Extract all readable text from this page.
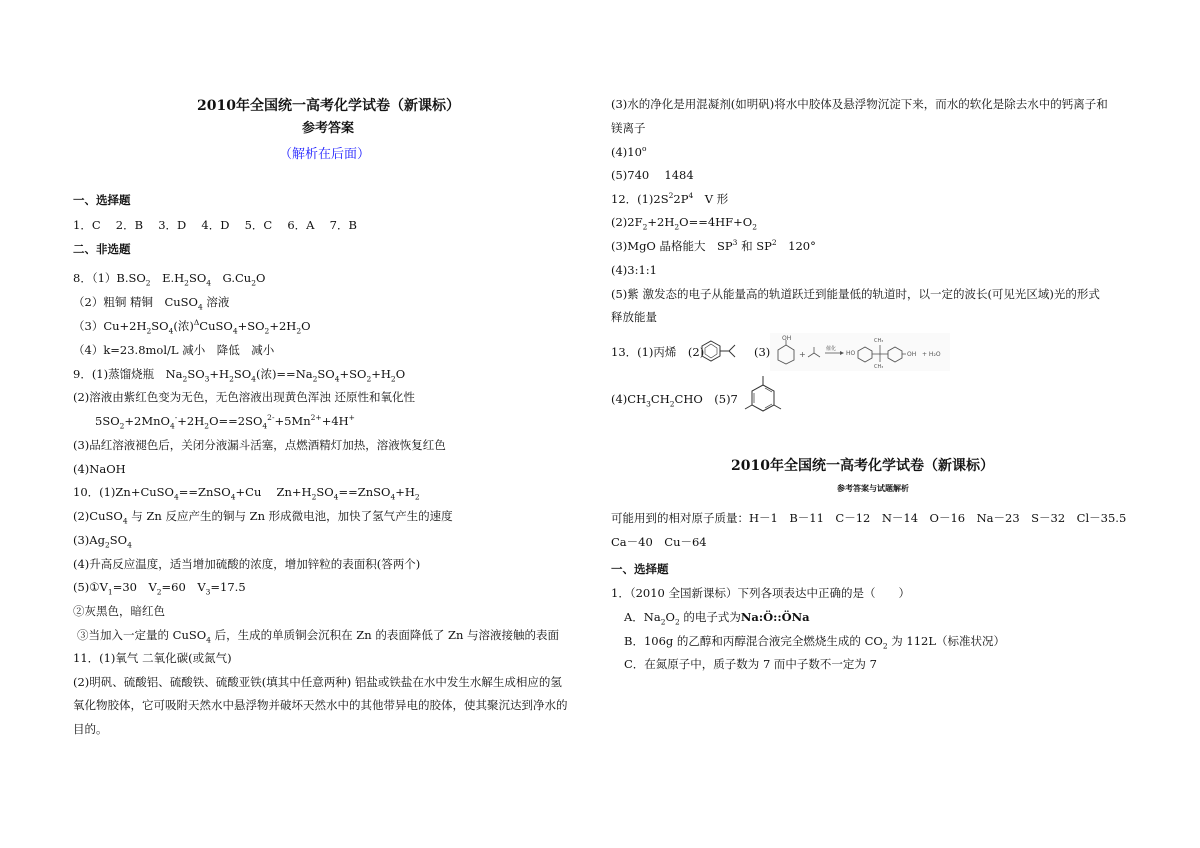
2010年全国统一高考化学试卷（新课标）
参考答案
（解析在后面）
一、选择题
1．C　 2．B　 3．D　 4．D　 5．C　 6．A　 7．B
二、非选题
8．$(1)B.SO_2$　$E.H_2SO_4$　$G.Cu_2O$
（2）粗铜 精铜　CuSO$_4$ 溶液
$(3)Cu+2H_2SO_4$(浓)$^\Delta CuSO_4+SO_2+2H_2O$
（4）k=23.8mol/L 减小　降低　减小
9．(1)蒸馏烧瓶　$Na_2SO_3+H_2SO_4$(浓)$==Na_2SO_4+SO_2+H_2O$
(2)溶液由紫红色变为无色，无色溶液出现黄色浑浊 还原性和氧化性
$5SO_2+2MnO_4^-+2H_2O==2SO_4^{2-}+5Mn^{2+}+4H^+$
(3)品红溶液褪色后，关闭分液漏斗活塞，点燃酒精灯加热，溶液恢复红色
(4)NaOH
10．(1)Zn+CuSO$_4$==ZnSO$_4$+Cu　 $Zn+H_2SO_4==ZnSO_4+H_2$
(2)CuSO$_4$ 与 Zn 反应产生的铜与 Zn 形成微电池，加快了氢气产生的速度
$(3)Ag_2SO_4$
(4)升高反应温度，适当增加硫酸的浓度，增加锌粒的表面积(答两个)
$(5)①V_1=30$　$V_2=60$　$V_3=17.5$
②灰黑色，暗红色
③当加入一定量的 CuSO$_4$ 后，生成的单质铜会沉积在 Zn 的表面降低了 Zn 与溶液接触的表面
11．(1)氧气 二氧化碳(或氮气)
(2)明矾、硫酸铝、硫酸铁、硫酸亚铁(填其中任意两种) 铝盐或铁盐在水中发生水解生成相应的氢
氧化物胶体，它可吸附天然水中悬浮物并破坏天然水中的其他带异电的胶体，使其聚沉达到净水的
目的。
(3)水的净化是用混凝剂(如明矾)将水中胶体及悬浮物沉淀下来，而水的软化是除去水中的钙离子和
镁离子
(4)10$^o$
(5)740　 1484
12．$(1)2S^22P^4$　V 形
$(2)2F_2+2H_2O==4HF+O_2$
(3)MgO 晶格能大　$SP^3$ 和 $SP^2$　120°
(4)3:1:1
(5)紫 激发态的电子从能量高的轨道跃迁到能量低的轨道时，以一定的波长(可见光区域)光的形式
释放能量
13．(1)丙烯　(2)	(3)
OH
+
催化
HO
CH₃
CH₃
OH + H₂O
$(4)CH_3CH_2CHO$　(5)7
2010年全国统一高考化学试卷（新课标）
参考答案与试题解析
可能用到的相对原子质量：H－1　B－11　C－12　N－14　O－16　Na－23　S－32　Cl－35.5
Ca－40　Cu－64
一、选择题
1．（2010 全国新课标）下列各项表达中正确的是（　　）
A．$Na_2O_2$ 的电子式为Na:Ö::ÖNa
B．106g 的乙醇和丙醇混合液完全燃烧生成的 $CO_2$ 为 112L（标准状况）
C．在氮原子中，质子数为 7 而中子数不一定为 7
